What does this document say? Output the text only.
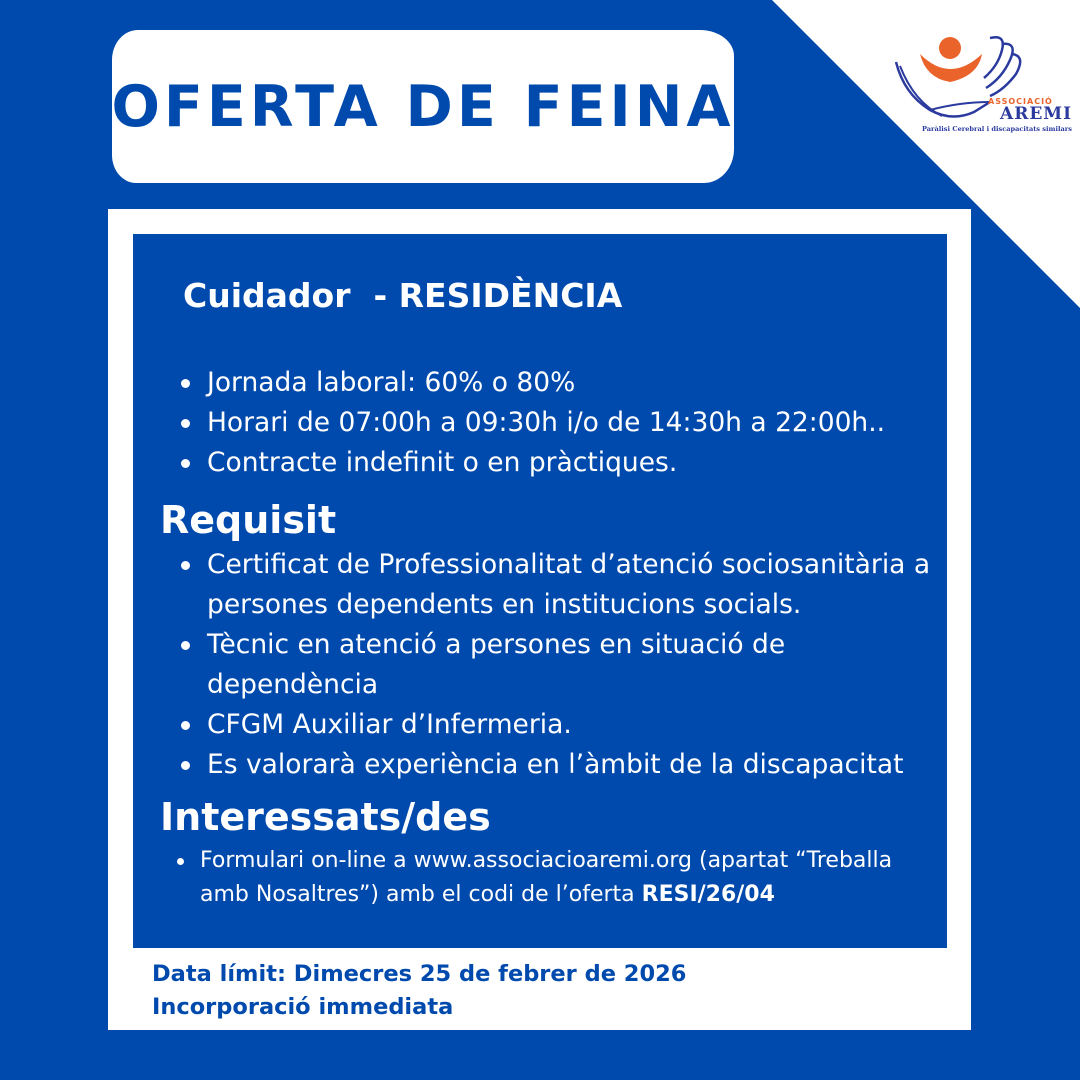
OFERTA DE FEINA	ASSOCIACIÓ
AREMI
Paràlisi Cerebral i discapacitats similars
Cuidador  - RESIDÈNCIA
Jornada laboral: 60% o 80%
Horari de 07:00h a 09:30h i/o de 14:30h a 22:00h..
Contracte indefinit o en pràctiques.
Requisit
Certificat de Professionalitat d’atenció sociosanitària a persones dependents en institucions socials.
Tècnic en atenció a persones en situació de dependència
CFGM Auxiliar d’Infermeria.
Es valorarà experiència en l’àmbit de la discapacitat
Interessats/des
Formulari on-line a www.associacioaremi.org (apartat “Treballa amb Nosaltres”) amb el codi de l’oferta RESI/26/04
Data límit: Dimecres 25 de febrer de 2026
Incorporació immediata
